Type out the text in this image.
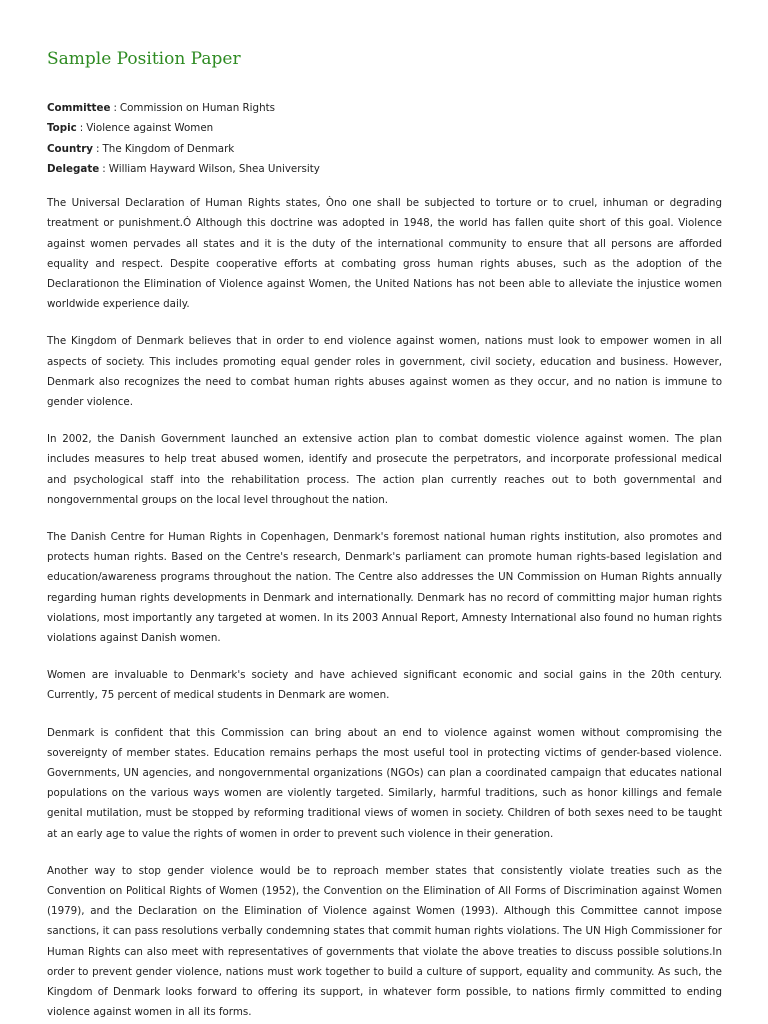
Sample Position Paper
Committee : Commission on Human Rights
Topic : Violence against Women
Country : The Kingdom of Denmark
Delegate : William Hayward Wilson, Shea University

The Universal Declaration of Human Rights states, Òno one shall be subjected to torture or to cruel, inhuman or degrading treatment or punishment.Ó Although this doctrine was adopted in 1948, the world has fallen quite short of this goal. Violence against women pervades all states and it is the duty of the international community to ensure that all persons are afforded equality and respect. Despite cooperative efforts at combating gross human rights abuses, such as the adoption of the Declarationon the Elimination of Violence against Women, the United Nations has not been able to alleviate the injustice women worldwide experience daily.

The Kingdom of Denmark believes that in order to end violence against women, nations must look to empower women in all aspects of society. This includes promoting equal gender roles in government, civil society, education and business. However, Denmark also recognizes the need to combat human rights abuses against women as they occur, and no nation is immune to gender violence.

In 2002, the Danish Government launched an extensive action plan to combat domestic violence against women. The plan includes measures to help treat abused women, identify and prosecute the perpetrators, and incorporate professional medical and psychological staff into the rehabilitation process. The action plan currently reaches out to both governmental and nongovernmental groups on the local level throughout the nation.

The Danish Centre for Human Rights in Copenhagen, Denmark's foremost national human rights institution, also promotes and protects human rights. Based on the Centre's research, Denmark's parliament can promote human rights-based legislation and education/awareness programs throughout the nation. The Centre also addresses the UN Commission on Human Rights annually regarding human rights developments in Denmark and internationally. Denmark has no record of committing major human rights violations, most importantly any targeted at women. In its 2003 Annual Report, Amnesty International also found no human rights violations against Danish women.

Women are invaluable to Denmark's society and have achieved significant economic and social gains in the 20th century. Currently, 75 percent of medical students in Denmark are women.

Denmark is confident that this Commission can bring about an end to violence against women without compromising the sovereignty of member states. Education remains perhaps the most useful tool in protecting victims of gender-based violence. Governments, UN agencies, and nongovernmental organizations (NGOs) can plan a coordinated campaign that educates national populations on the various ways women are violently targeted. Similarly, harmful traditions, such as honor killings and female genital mutilation, must be stopped by reforming traditional views of women in society. Children of both sexes need to be taught at an early age to value the rights of women in order to prevent such violence in their generation.

Another way to stop gender violence would be to reproach member states that consistently violate treaties such as the Convention on Political Rights of Women (1952), the Convention on the Elimination of All Forms of Discrimination against Women (1979), and the Declaration on the Elimination of Violence against Women (1993). Although this Committee cannot impose sanctions, it can pass resolutions verbally condemning states that commit human rights violations. The UN High Commissioner for Human Rights can also meet with representatives of governments that violate the above treaties to discuss possible solutions.In order to prevent gender violence, nations must work together to build a culture of support, equality and community. As such, the Kingdom of Denmark looks forward to offering its support, in whatever form possible, to nations firmly committed to ending violence against women in all its forms.
